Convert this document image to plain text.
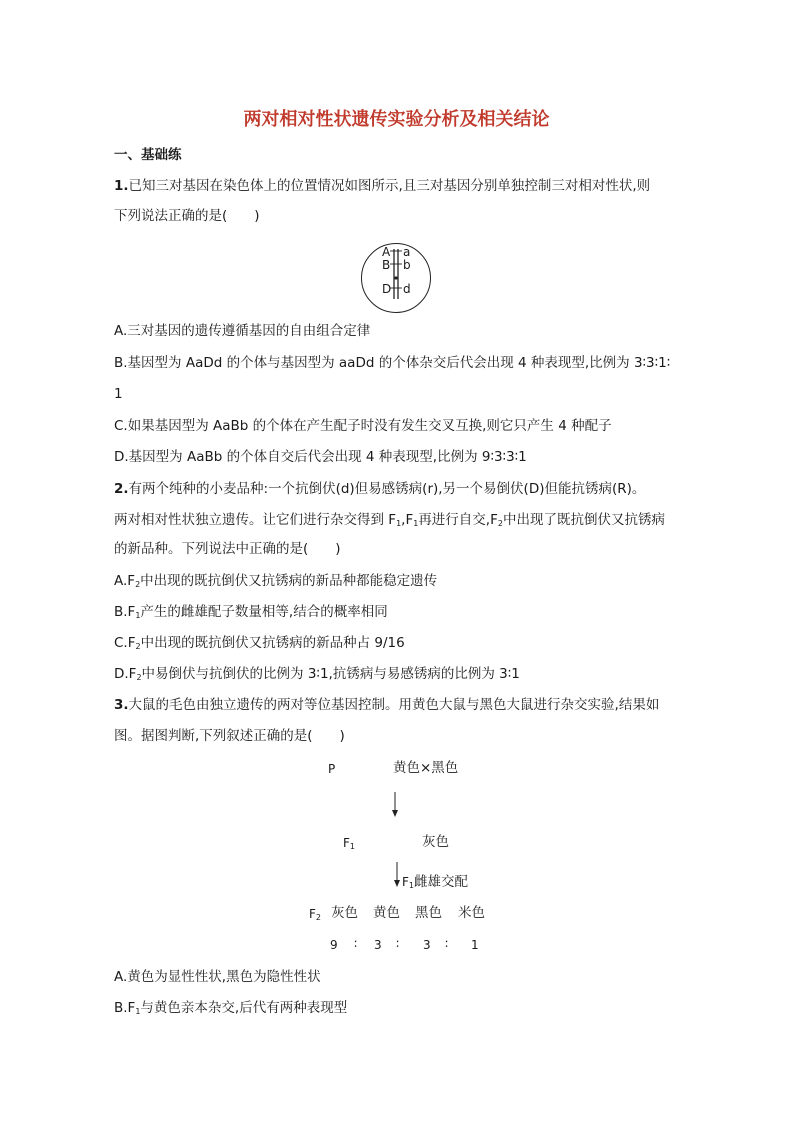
两对相对性状遗传实验分析及相关结论
一、基础练
1.已知三对基因在染色体上的位置情况如图所示,且三对基因分别单独控制三对相对性状,则
下列说法正确的是(　　)
A
B
D
a
b
d
A.三对基因的遗传遵循基因的自由组合定律
B.基因型为 AaDd 的个体与基因型为 aaDd 的个体杂交后代会出现 4 种表现型,比例为 3∶3∶1∶
1
C.如果基因型为 AaBb 的个体在产生配子时没有发生交叉互换,则它只产生 4 种配子
D.基因型为 AaBb 的个体自交后代会出现 4 种表现型,比例为 9∶3∶3∶1
2.有两个纯种的小麦品种:一个抗倒伏(d)但易感锈病(r),另一个易倒伏(D)但能抗锈病(R)。
两对相对性状独立遗传。让它们进行杂交得到 $F_1,F_1$再进行自交$,F_2$中出现了既抗倒伏又抗锈病
的新品种。下列说法中正确的是(　　)
$A.F_2$中出现的既抗倒伏又抗锈病的新品种都能稳定遗传
$B.F_1$产生的雌雄配子数量相等,结合的概率相同
$C.F_2$中出现的既抗倒伏又抗锈病的新品种占 9/16
$D.F_2$中易倒伏与抗倒伏的比例为 3∶1,抗锈病与易感锈病的比例为 3∶1
3.大鼠的毛色由独立遗传的两对等位基因控制。用黄色大鼠与黑色大鼠进行杂交实验,结果如
图。据图判断,下列叙述正确的是(　　)
P	黄色×黑色
$F_1$	灰色
$F_1$雌雄交配
$F_2$ 灰色 黄色 黑色 米色
9 ∶ 3 ∶ 3 ∶ 1
A.黄色为显性性状,黑色为隐性性状
$B.F_1$与黄色亲本杂交,后代有两种表现型
